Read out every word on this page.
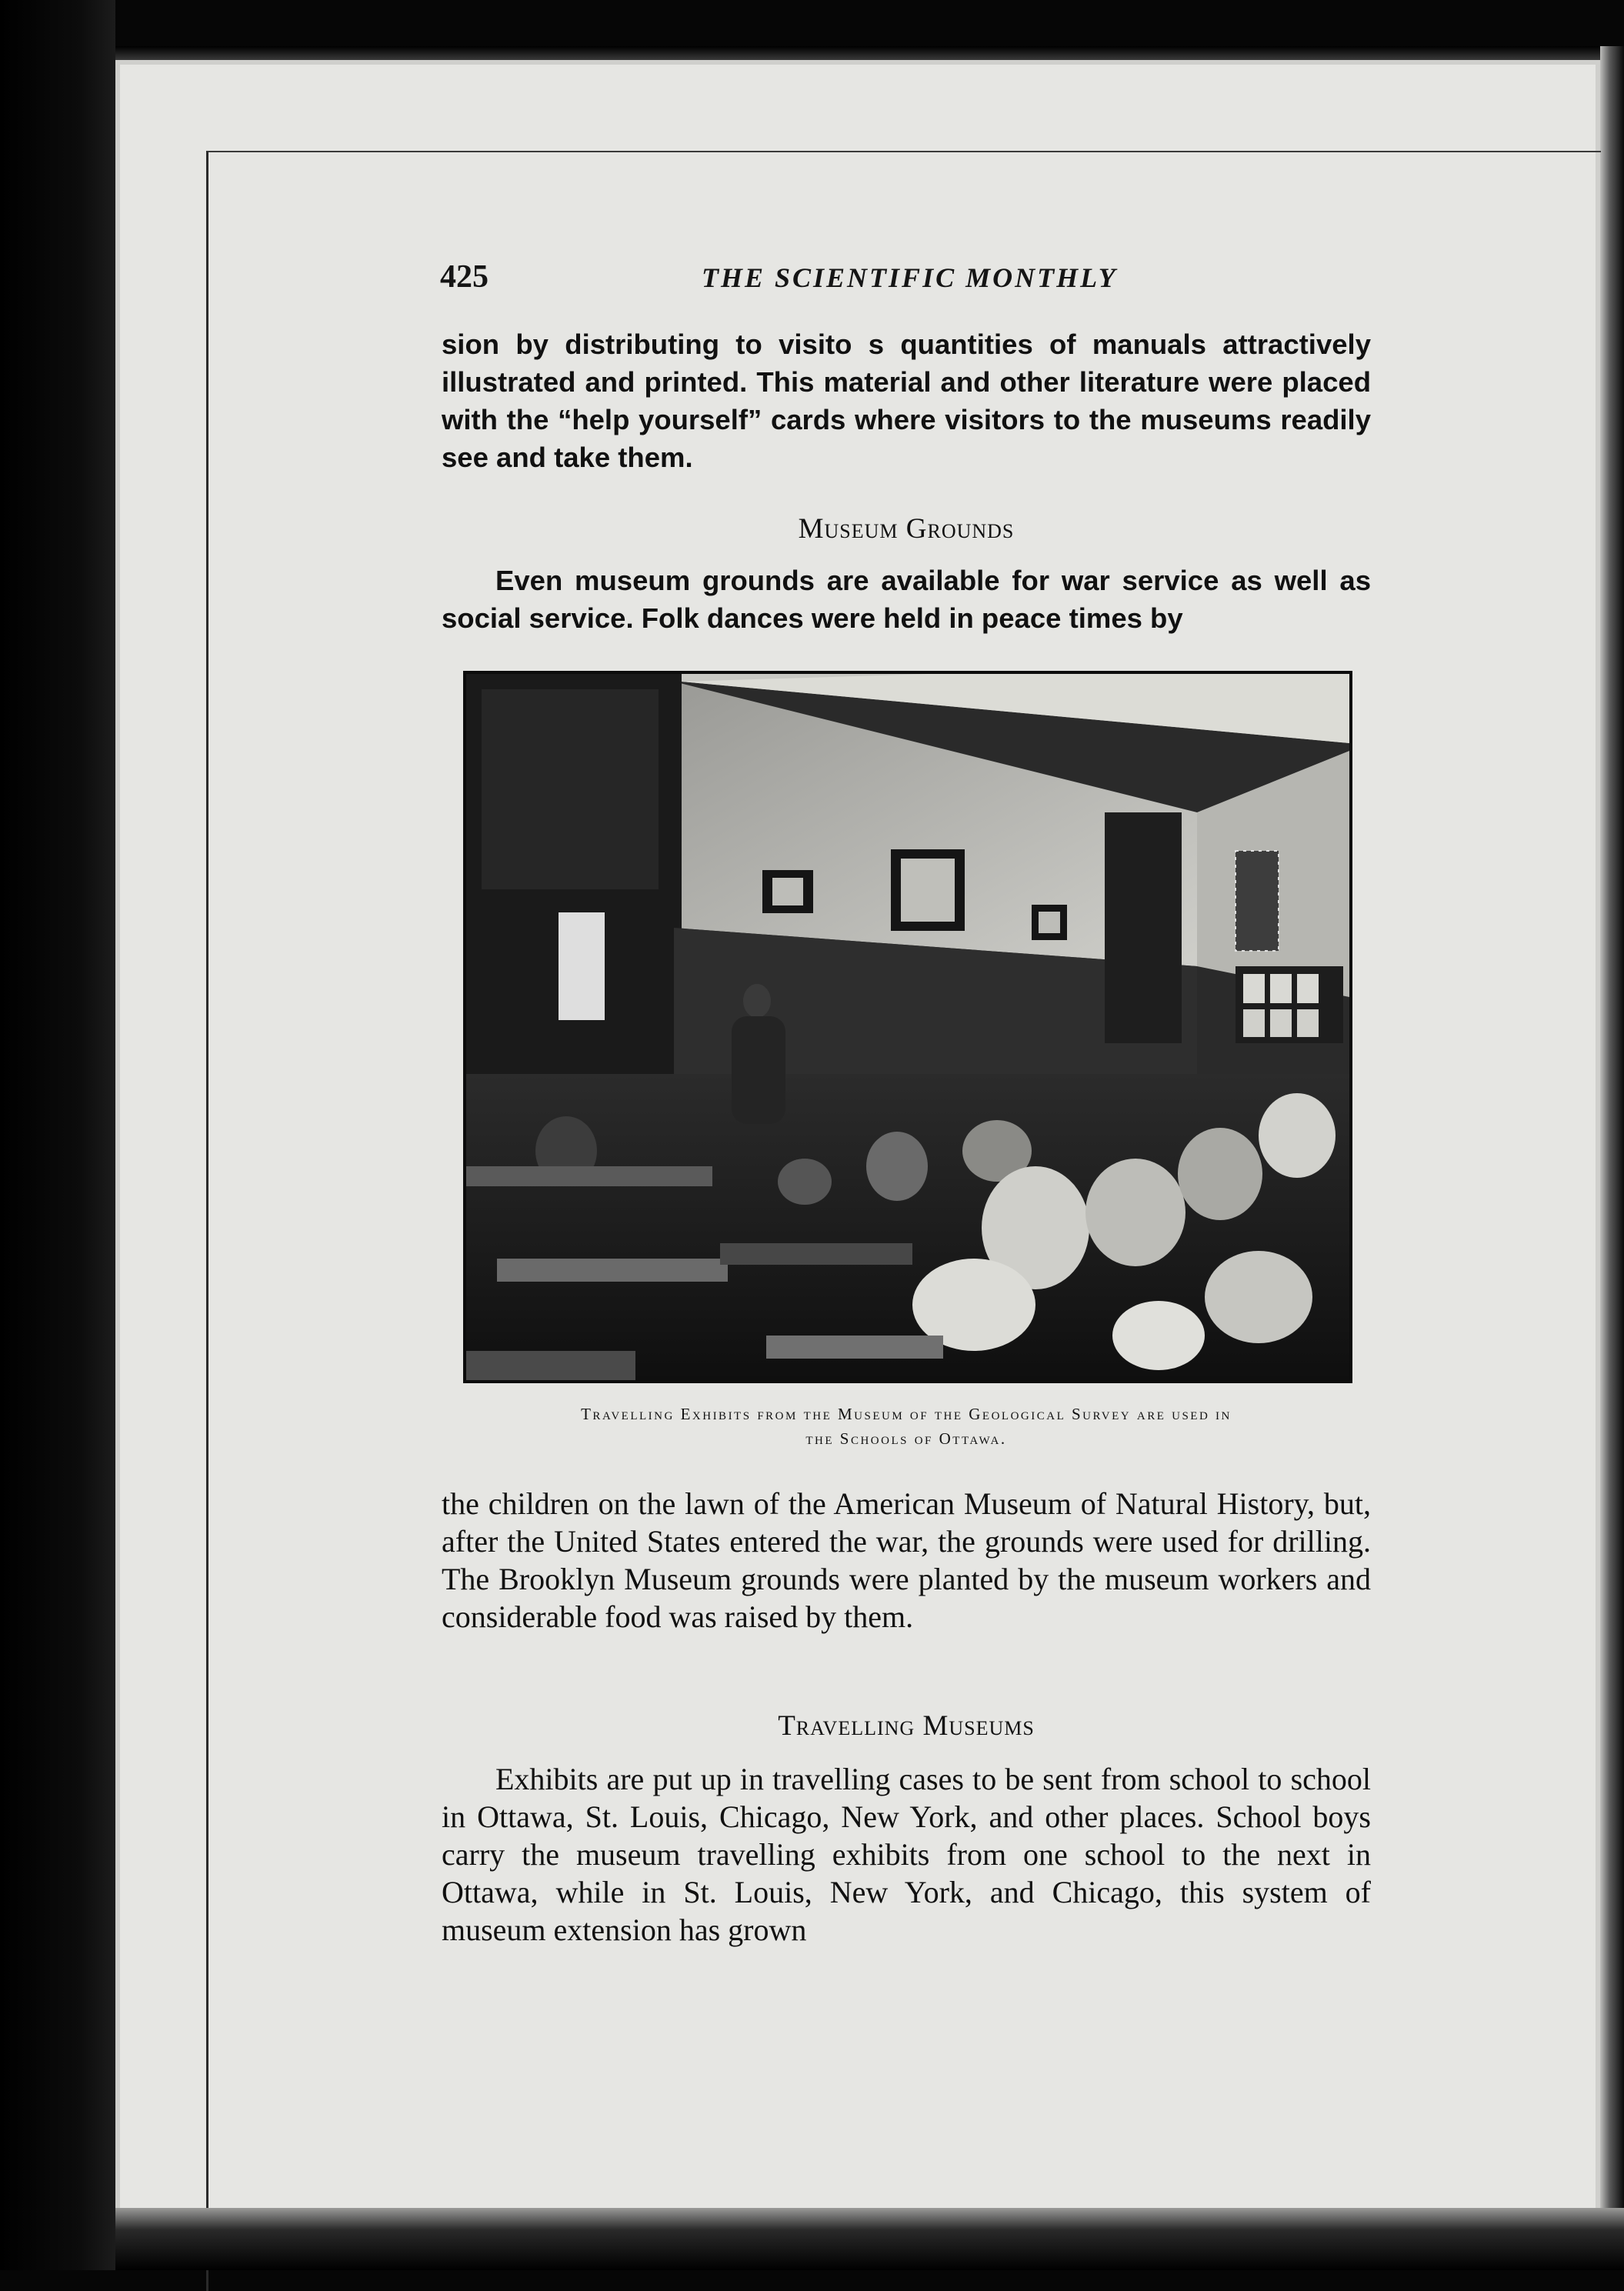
425	THE SCIENTIFIC MONTHLY

sion by distributing to visito s quantities of manuals attractively illustrated and printed. This material and other literature were placed with the “help yourself” cards where visitors to the museums readily see and take them.

Museum Grounds

Even museum grounds are available for war service as well as social service. Folk dances were held in peace times by

Travelling Exhibits from the Museum of the Geological Survey are used in
the Schools of Ottawa.

the children on the lawn of the American Museum of Natural History, but, after the United States entered the war, the grounds were used for drilling. The Brooklyn Museum grounds were planted by the museum workers and considerable food was raised by them.

Travelling Museums

Exhibits are put up in travelling cases to be sent from school to school in Ottawa, St. Louis, Chicago, New York, and other places. School boys carry the museum travelling exhibits from one school to the next in Ottawa, while in St. Louis, New York, and Chicago, this system of museum extension has grown
